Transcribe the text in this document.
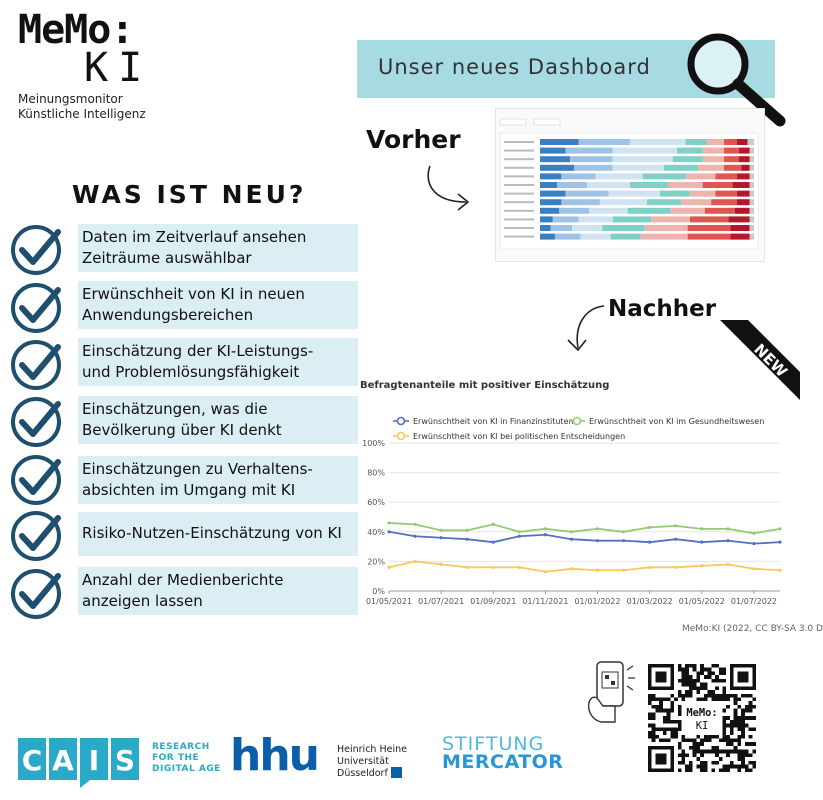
MeMo:
KI
Meinungsmonitor
Künstliche Intelligenz
WAS IST NEU?
Daten im Zeitverlauf ansehen
Zeiträume auswählbar
Erwünschheit von KI in neuen
Anwendungsbereichen
Einschätzung der KI-Leistungs-
und Problemlösungsfähigkeit
Einschätzungen, was die
Bevölkerung über KI denkt
Einschätzungen zu Verhaltens-
absichten im Umgang mit KI
Risiko-Nutzen-Einschätzung von KI
Anzahl der Medienberichte
anzeigen lassen
Unser neues Dashboard
Vorher
Nachher
NEW
Befragtenanteile mit positiver Einschätzung
0%
20%
40%
60%
80%
100%
01/05/2021 01/07/2021 01/09/2021 01/11/2021 01/01/2022 01/03/2022 01/05/2022 01/07/2022
Erwünschtheit von KI in Finanzinstituten Erwünschtheit von KI im Gesundheitswesen
Erwünschtheit von KI bei politischen Entscheidungen
MeMo:KI (2022, CC BY-SA 3.0 D
MeMo:
KI
C A I S RESEARCH
FOR THE
DIGITAL AGE hhu Heinrich Heine
Universität
Düsseldorf
STIFTUNG
MERCATOR
